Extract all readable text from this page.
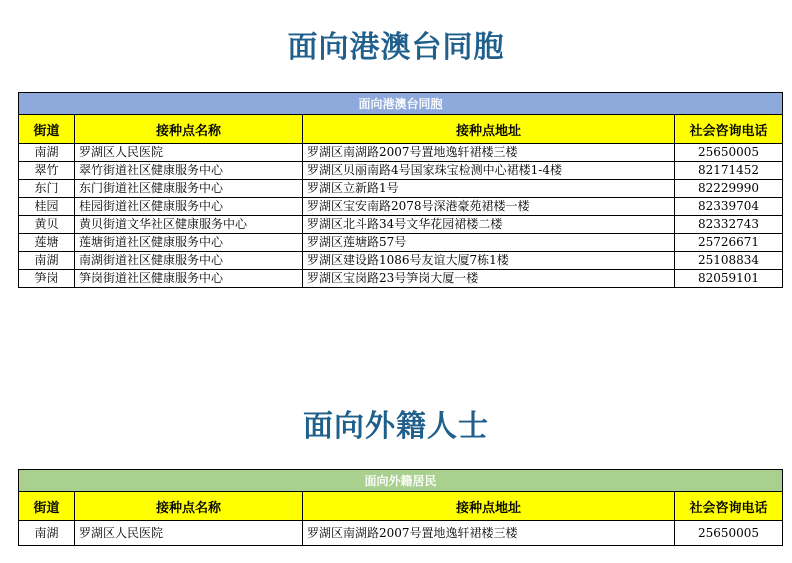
面向港澳台同胞
面向港澳台同胞			
街道	接种点名称	接种点地址	社会咨询电话
南湖	罗湖区人民医院	罗湖区南湖路2007号置地逸轩裙楼三楼	25650005
翠竹	翠竹街道社区健康服务中心	罗湖区贝丽南路4号国家珠宝检测中心裙楼1-4楼	82171452
东门	东门街道社区健康服务中心	罗湖区立新路1号	82229990
桂园	桂园街道社区健康服务中心	罗湖区宝安南路2078号深港豪苑裙楼一楼	82339704
黄贝	黄贝街道文华社区健康服务中心	罗湖区北斗路34号文华花园裙楼二楼	82332743
莲塘	莲塘街道社区健康服务中心	罗湖区莲塘路57号	25726671
南湖	南湖街道社区健康服务中心	罗湖区建设路1086号友谊大厦7栋1楼	25108834
笋岗	笋岗街道社区健康服务中心	罗湖区宝岗路23号笋岗大厦一楼	82059101
面向外籍人士
面向外籍居民			
街道	接种点名称	接种点地址	社会咨询电话
南湖	罗湖区人民医院	罗湖区南湖路2007号置地逸轩裙楼三楼	25650005
